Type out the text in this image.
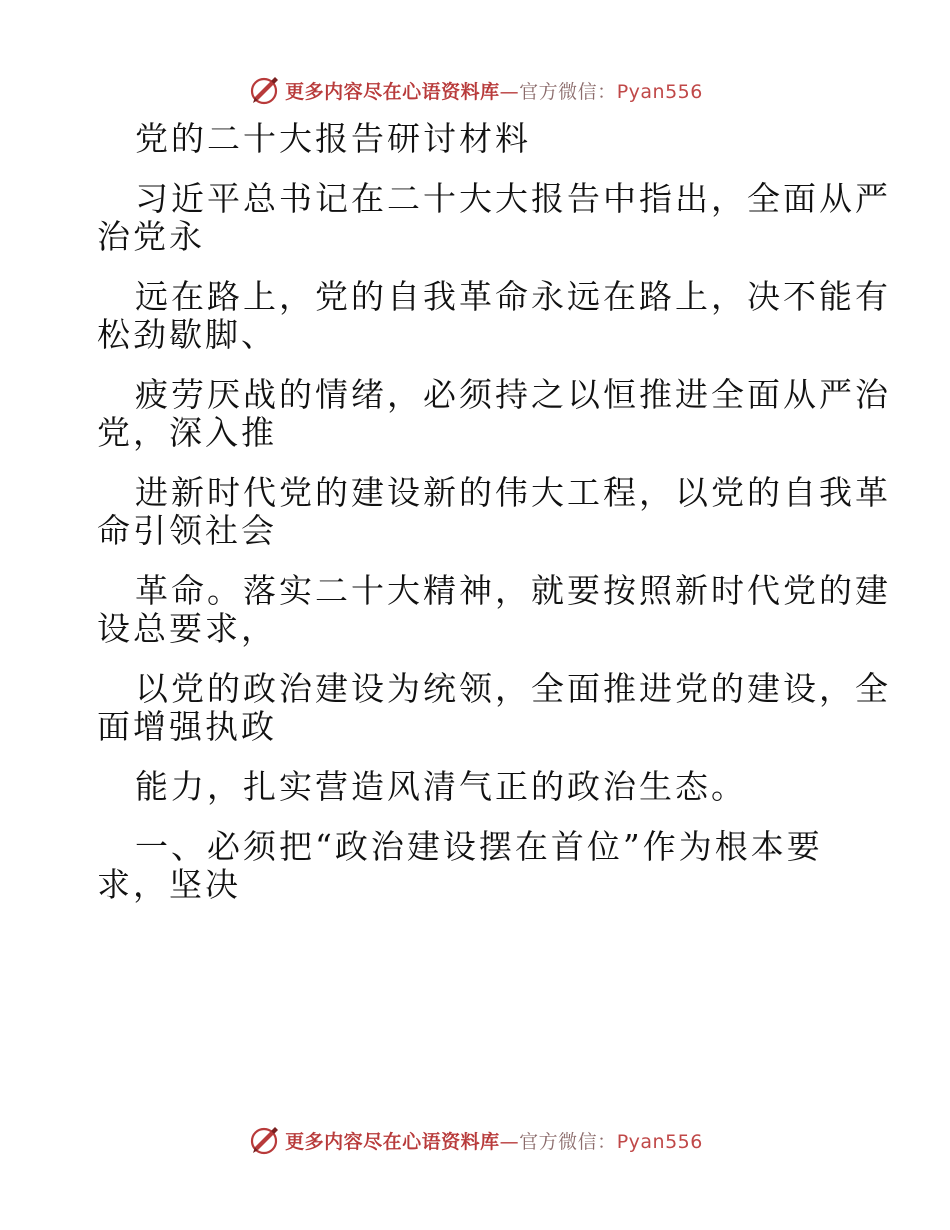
更多内容尽在心语资料库—官方微信：Pyan556

党的二十大报告研讨材料

习近平总书记在二十大大报告中指出，全面从严

治党永

远在路上，党的自我革命永远在路上，决不能有

松劲歇脚、

疲劳厌战的情绪，必须持之以恒推进全面从严治

党，深入推

进新时代党的建设新的伟大工程，以党的自我革

命引领社会

革命。落实二十大精神，就要按照新时代党的建

设总要求，

以党的政治建设为统领，全面推进党的建设，全

面增强执政

能力，扎实营造风清气正的政治生态。

一、必须把“政治建设摆在首位”作为根本要

求，坚决

更多内容尽在心语资料库—官方微信：Pyan556
